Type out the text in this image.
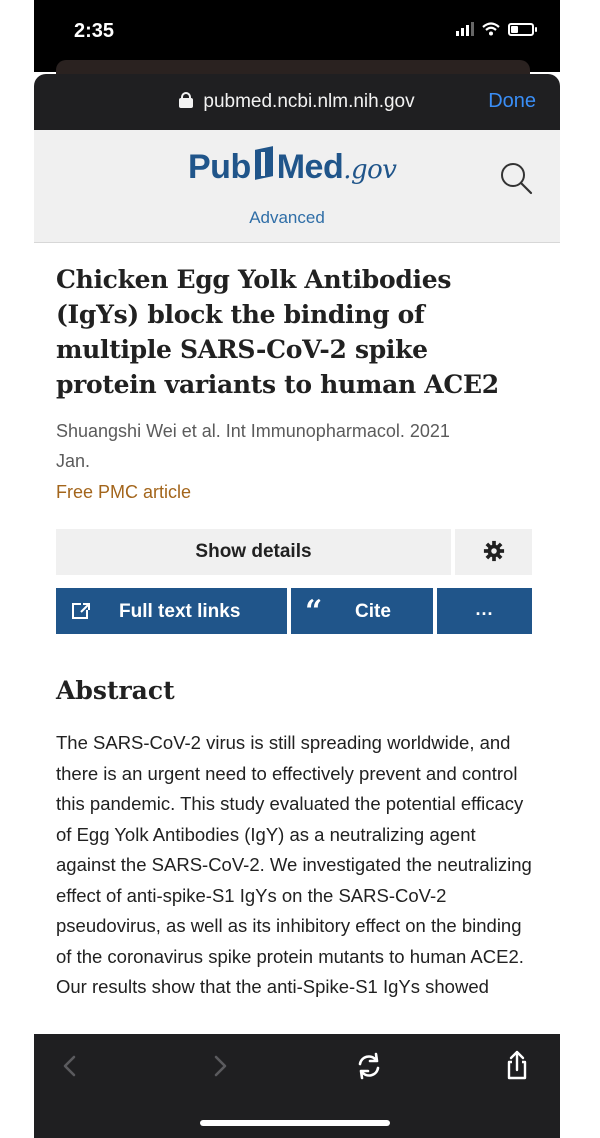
2:35
pubmed.ncbi.nlm.nih.gov	Done
Pub Med.gov
Advanced
Chicken Egg Yolk Antibodies (IgYs) block the binding of multiple SARS-CoV-2 spike protein variants to human ACE2
Shuangshi Wei et al. Int Immunopharmacol. 2021
Jan.
Free PMC article
Show details
Full text links “ Cite	...
Abstract

The SARS-CoV-2 virus is still spreading worldwide, and there is an urgent need to effectively prevent and control this pandemic. This study evaluated the potential efficacy of Egg Yolk Antibodies (IgY) as a neutralizing agent against the SARS-CoV-2. We investigated the neutralizing effect of anti-spike-S1 IgYs on the SARS-CoV-2 pseudovirus, as well as its inhibitory effect on the binding of the coronavirus spike protein mutants to human ACE2. Our results show that the anti-Spike-S1 IgYs showed
